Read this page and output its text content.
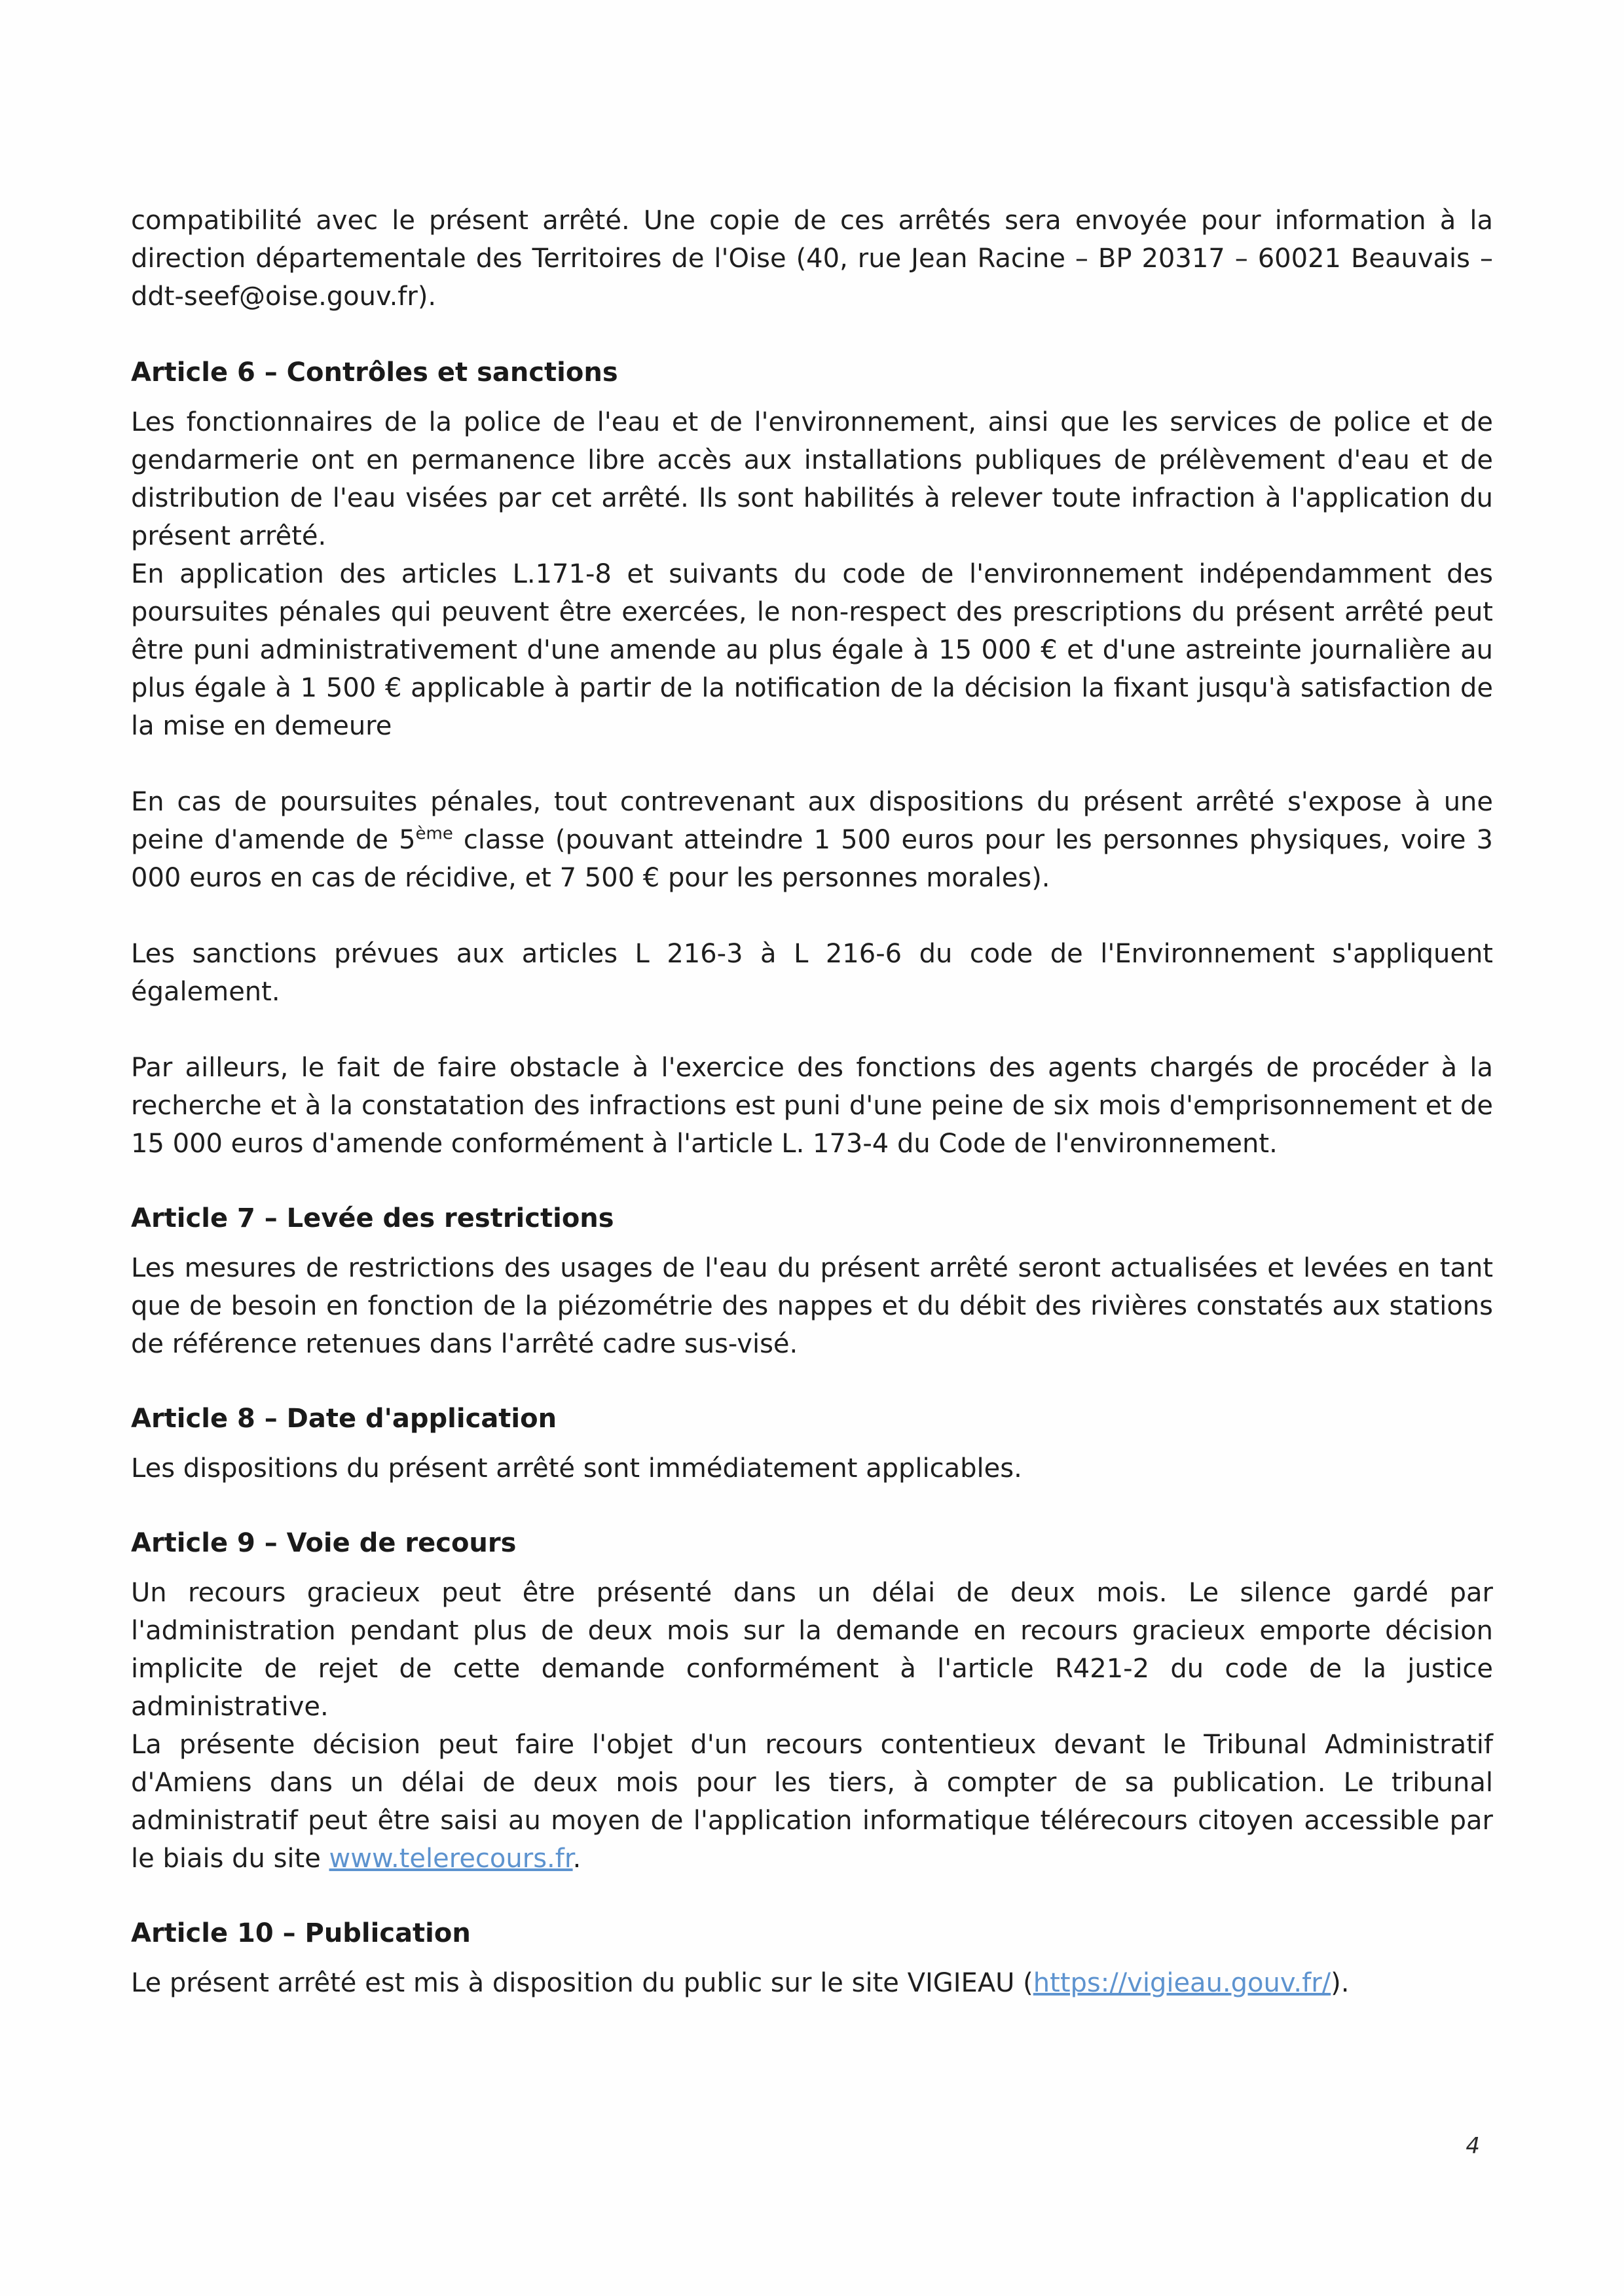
compatibilité avec le présent arrêté. Une copie de ces arrêtés sera envoyée pour information à la direction départementale des Territoires de l'Oise (40, rue Jean Racine – BP 20317 – 60021 Beauvais – ddt-seef@oise.gouv.fr).

Article 6 – Contrôles et sanctions

Les fonctionnaires de la police de l'eau et de l'environnement, ainsi que les services de police et de gendarmerie ont en permanence libre accès aux installations publiques de prélèvement d'eau et de distribution de l'eau visées par cet arrêté. Ils sont habilités à relever toute infraction à l'application du présent arrêté.

En application des articles L.171-8 et suivants du code de l'environnement indépendamment des poursuites pénales qui peuvent être exercées, le non-respect des prescriptions du présent arrêté peut être puni administrativement d'une amende au plus égale à 15 000 € et d'une astreinte journalière au plus égale à 1 500 € applicable à partir de la notification de la décision la fixant jusqu'à satisfaction de la mise en demeure

En cas de poursuites pénales, tout contrevenant aux dispositions du présent arrêté s'expose à une peine d'amende de 5ème classe (pouvant atteindre 1 500 euros pour les personnes physiques, voire 3 000 euros en cas de récidive, et 7 500 € pour les personnes morales).

Les sanctions prévues aux articles L 216-3 à L 216-6 du code de l'Environnement s'appliquent également.

Par ailleurs, le fait de faire obstacle à l'exercice des fonctions des agents chargés de procéder à la recherche et à la constatation des infractions est puni d'une peine de six mois d'emprisonnement et de 15 000 euros d'amende conformément à l'article L. 173-4 du Code de l'environnement.

Article 7 – Levée des restrictions

Les mesures de restrictions des usages de l'eau du présent arrêté seront actualisées et levées en tant que de besoin en fonction de la piézométrie des nappes et du débit des rivières constatés aux stations de référence retenues dans l'arrêté cadre sus-visé.

Article 8 – Date d'application

Les dispositions du présent arrêté sont immédiatement applicables.

Article 9 – Voie de recours

Un recours gracieux peut être présenté dans un délai de deux mois. Le silence gardé par l'administration pendant plus de deux mois sur la demande en recours gracieux emporte décision implicite de rejet de cette demande conformément à l'article R421-2 du code de la justice administrative.

La présente décision peut faire l'objet d'un recours contentieux devant le Tribunal Administratif d'Amiens dans un délai de deux mois pour les tiers, à compter de sa publication. Le tribunal administratif peut être saisi au moyen de l'application informatique télérecours citoyen accessible par le biais du site www.telerecours.fr.

Article 10 – Publication

Le présent arrêté est mis à disposition du public sur le site VIGIEAU (https://vigieau.gouv.fr/).

4
